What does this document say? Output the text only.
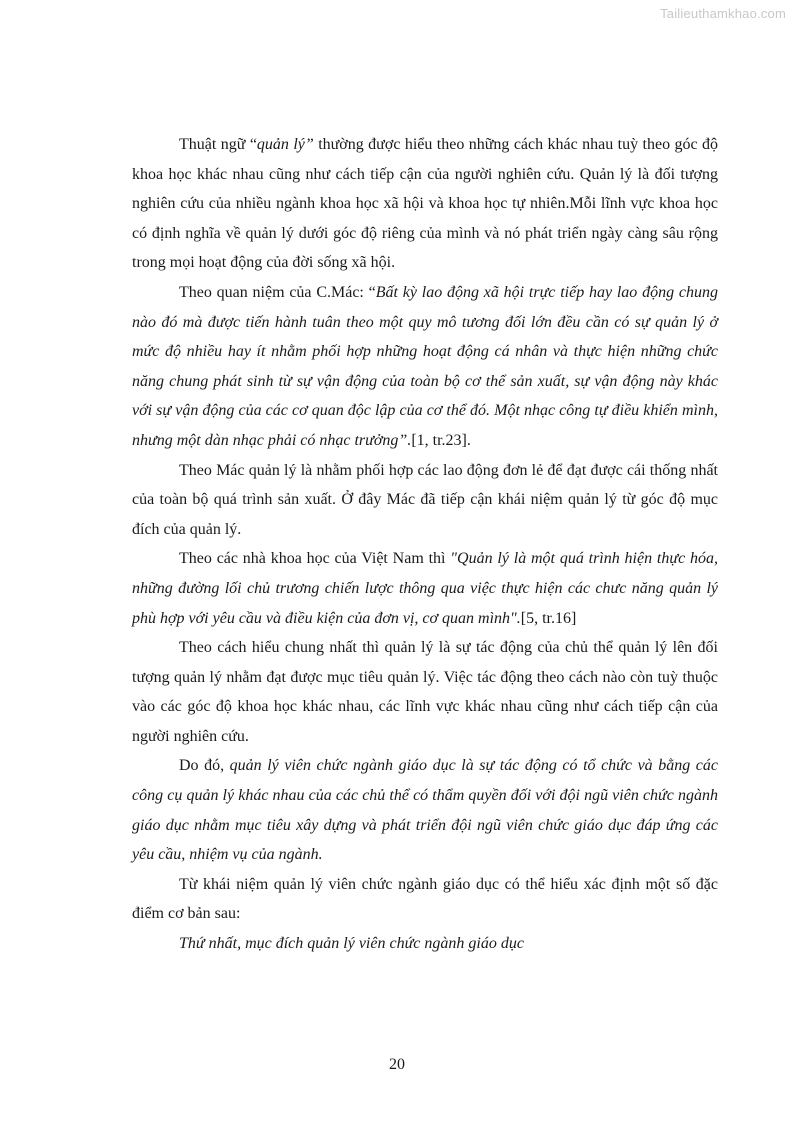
Tailieuthamkhao.com

Thuật ngữ “quản lý” thường được hiểu theo những cách khác nhau tuỳ theo góc độ khoa học khác nhau cũng như cách tiếp cận của người nghiên cứu. Quản lý là đối tượng nghiên cứu của nhiều ngành khoa học xã hội và khoa học tự nhiên.Mỗi lĩnh vực khoa học có định nghĩa về quản lý dưới góc độ riêng của mình và nó phát triển ngày càng sâu rộng trong mọi hoạt động của đời sống xã hội.

Theo quan niệm của C.Mác: “Bất kỳ lao động xã hội trực tiếp hay lao động chung nào đó mà được tiến hành tuân theo một quy mô tương đối lớn đều cần có sự quản lý ở mức độ nhiều hay ít nhằm phối hợp những hoạt động cá nhân và thực hiện những chức năng chung phát sinh từ sự vận động của toàn bộ cơ thể sản xuất, sự vận động này khác với sự vận động của các cơ quan độc lập của cơ thể đó. Một nhạc công tự điều khiển mình, nhưng một dàn nhạc phải có nhạc trưởng”.[1, tr.23].

Theo Mác quản lý là nhằm phối hợp các lao động đơn lẻ để đạt được cái thống nhất của toàn bộ quá trình sản xuất. Ở đây Mác đã tiếp cận khái niệm quản lý từ góc độ mục đích của quản lý.

Theo các nhà khoa học của Việt Nam thì "Quản lý là một quá trình hiện thực hóa, những đường lối chủ trương chiến lược thông qua việc thực hiện các chưc năng quản lý phù hợp với yêu cầu và điều kiện của đơn vị, cơ quan mình".[5, tr.16]

Theo cách hiểu chung nhất thì quản lý là sự tác động của chủ thể quản lý lên đối tượng quản lý nhằm đạt được mục tiêu quản lý. Việc tác động theo cách nào còn tuỳ thuộc vào các góc độ khoa học khác nhau, các lĩnh vực khác nhau cũng như cách tiếp cận của người nghiên cứu.

Do đó, quản lý viên chức ngành giáo dục là sự tác động có tổ chức và bằng các công cụ quản lý khác nhau của các chủ thể có thẩm quyền đối với đội ngũ viên chức ngành giáo dục nhằm mục tiêu xây dựng và phát triển đội ngũ viên chức giáo dục đáp ứng các yêu cầu, nhiệm vụ của ngành.

Từ khái niệm quản lý viên chức ngành giáo dục có thể hiểu xác định một số đặc điểm cơ bản sau:

Thứ nhất, mục đích quản lý viên chức ngành giáo dục

20
